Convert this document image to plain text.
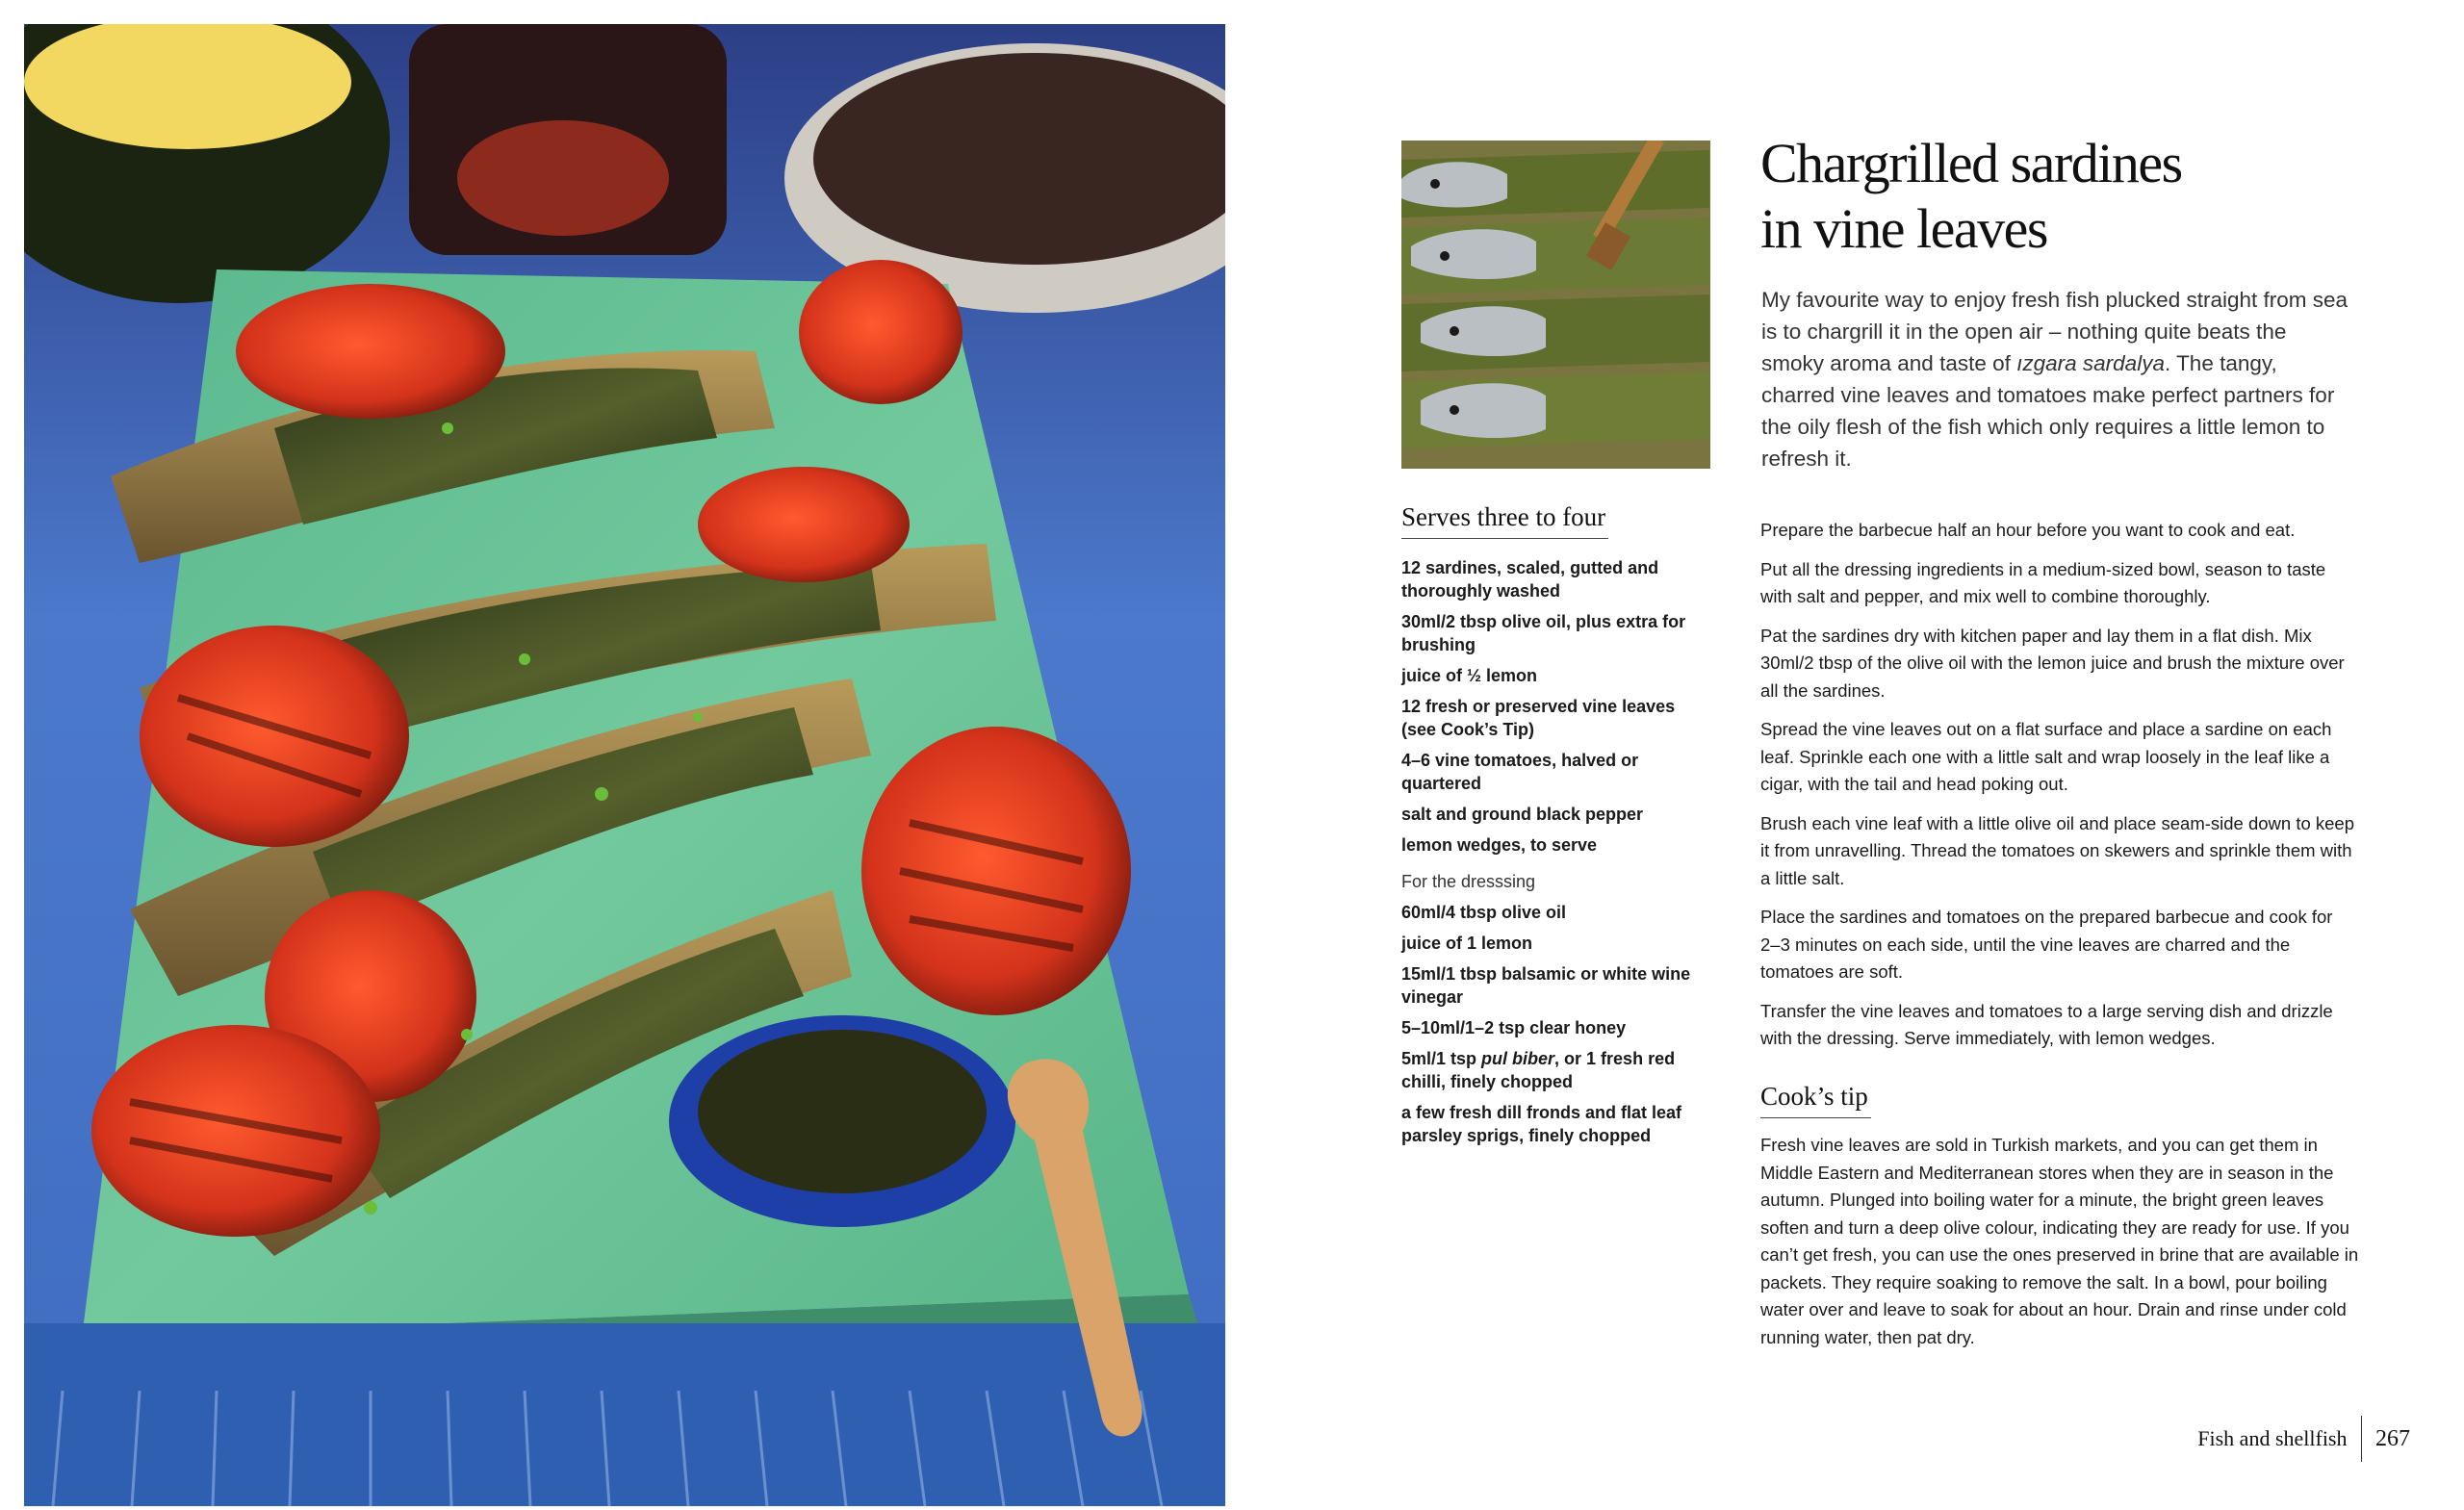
Chargrilled sardines
in vine leaves

My favourite way to enjoy fresh fish plucked straight from sea is to chargrill it in the open air – nothing quite beats the smoky aroma and taste of ızgara sardalya. The tangy, charred vine leaves and tomatoes make perfect partners for the oily flesh of the fish which only requires a little lemon to refresh it.

Serves three to four

12 sardines, scaled, gutted and thoroughly washed

30ml/2 tbsp olive oil, plus extra for brushing

juice of ½ lemon

12 fresh or preserved vine leaves (see Cook’s Tip)

4–6 vine tomatoes, halved or quartered

salt and ground black pepper

lemon wedges, to serve

For the dresssing

60ml/4 tbsp olive oil

juice of 1 lemon

15ml/1 tbsp balsamic or white wine vinegar

5–10ml/1–2 tsp clear honey

5ml/1 tsp pul biber, or 1 fresh red chilli, finely chopped

a few fresh dill fronds and flat leaf parsley sprigs, finely chopped

Prepare the barbecue half an hour before you want to cook and eat.

Put all the dressing ingredients in a medium-sized bowl, season to taste with salt and pepper, and mix well to combine thoroughly.

Pat the sardines dry with kitchen paper and lay them in a flat dish. Mix 30ml/2 tbsp of the olive oil with the lemon juice and brush the mixture over all the sardines.

Spread the vine leaves out on a flat surface and place a sardine on each leaf. Sprinkle each one with a little salt and wrap loosely in the leaf like a cigar, with the tail and head poking out.

Brush each vine leaf with a little olive oil and place seam-side down to keep it from unravelling. Thread the tomatoes on skewers and sprinkle them with a little salt.

Place the sardines and tomatoes on the prepared barbecue and cook for 2–3 minutes on each side, until the vine leaves are charred and the tomatoes are soft.

Transfer the vine leaves and tomatoes to a large serving dish and drizzle with the dressing. Serve immediately, with lemon wedges.

Cook’s tip

Fresh vine leaves are sold in Turkish markets, and you can get them in Middle Eastern and Mediterranean stores when they are in season in the autumn. Plunged into boiling water for a minute, the bright green leaves soften and turn a deep olive colour, indicating they are ready for use. If you can’t get fresh, you can use the ones preserved in brine that are available in packets. They require soaking to remove the salt. In a bowl, pour boiling water over and leave to soak for about an hour. Drain and rinse under cold running water, then pat dry.

Fish and shellfish	267
